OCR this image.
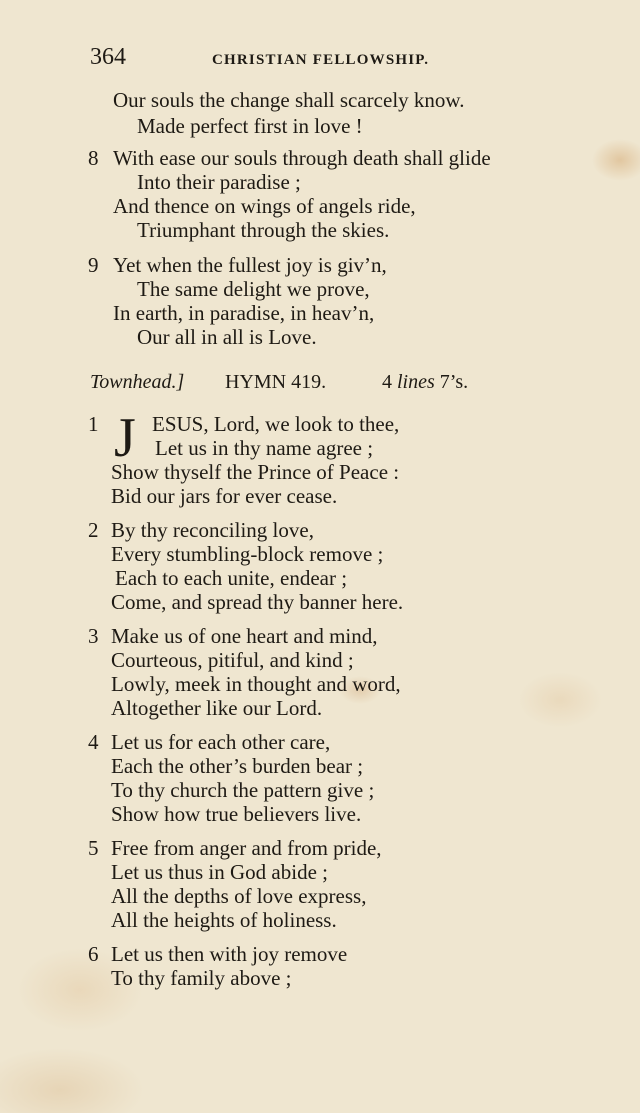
364	CHRISTIAN FELLOWSHIP.
Our souls the change shall scarcely know.
Made perfect first in love !
8 With ease our souls through death shall glide
Into their paradise ;
And thence on wings of angels ride,
Triumphant through the skies.
9 Yet when the fullest joy is giv’n,
The same delight we prove,
In earth, in paradise, in heav’n,
Our all in all is Love.
Townhead.] HYMN 419.	4 lines 7’s.
1 J ESUS, Lord, we look to thee,
Let us in thy name agree ;
Show thyself the Prince of Peace :
Bid our jars for ever cease.
2 By thy reconciling love,
Every stumbling-block remove ;
Each to each unite, endear ;
Come, and spread thy banner here.
3 Make us of one heart and mind,
Courteous, pitiful, and kind ;
Lowly, meek in thought and word,
Altogether like our Lord.
4 Let us for each other care,
Each the other’s burden bear ;
To thy church the pattern give ;
Show how true believers live.
5 Free from anger and from pride,
Let us thus in God abide ;
All the depths of love express,
All the heights of holiness.
6 Let us then with joy remove
To thy family above ;
